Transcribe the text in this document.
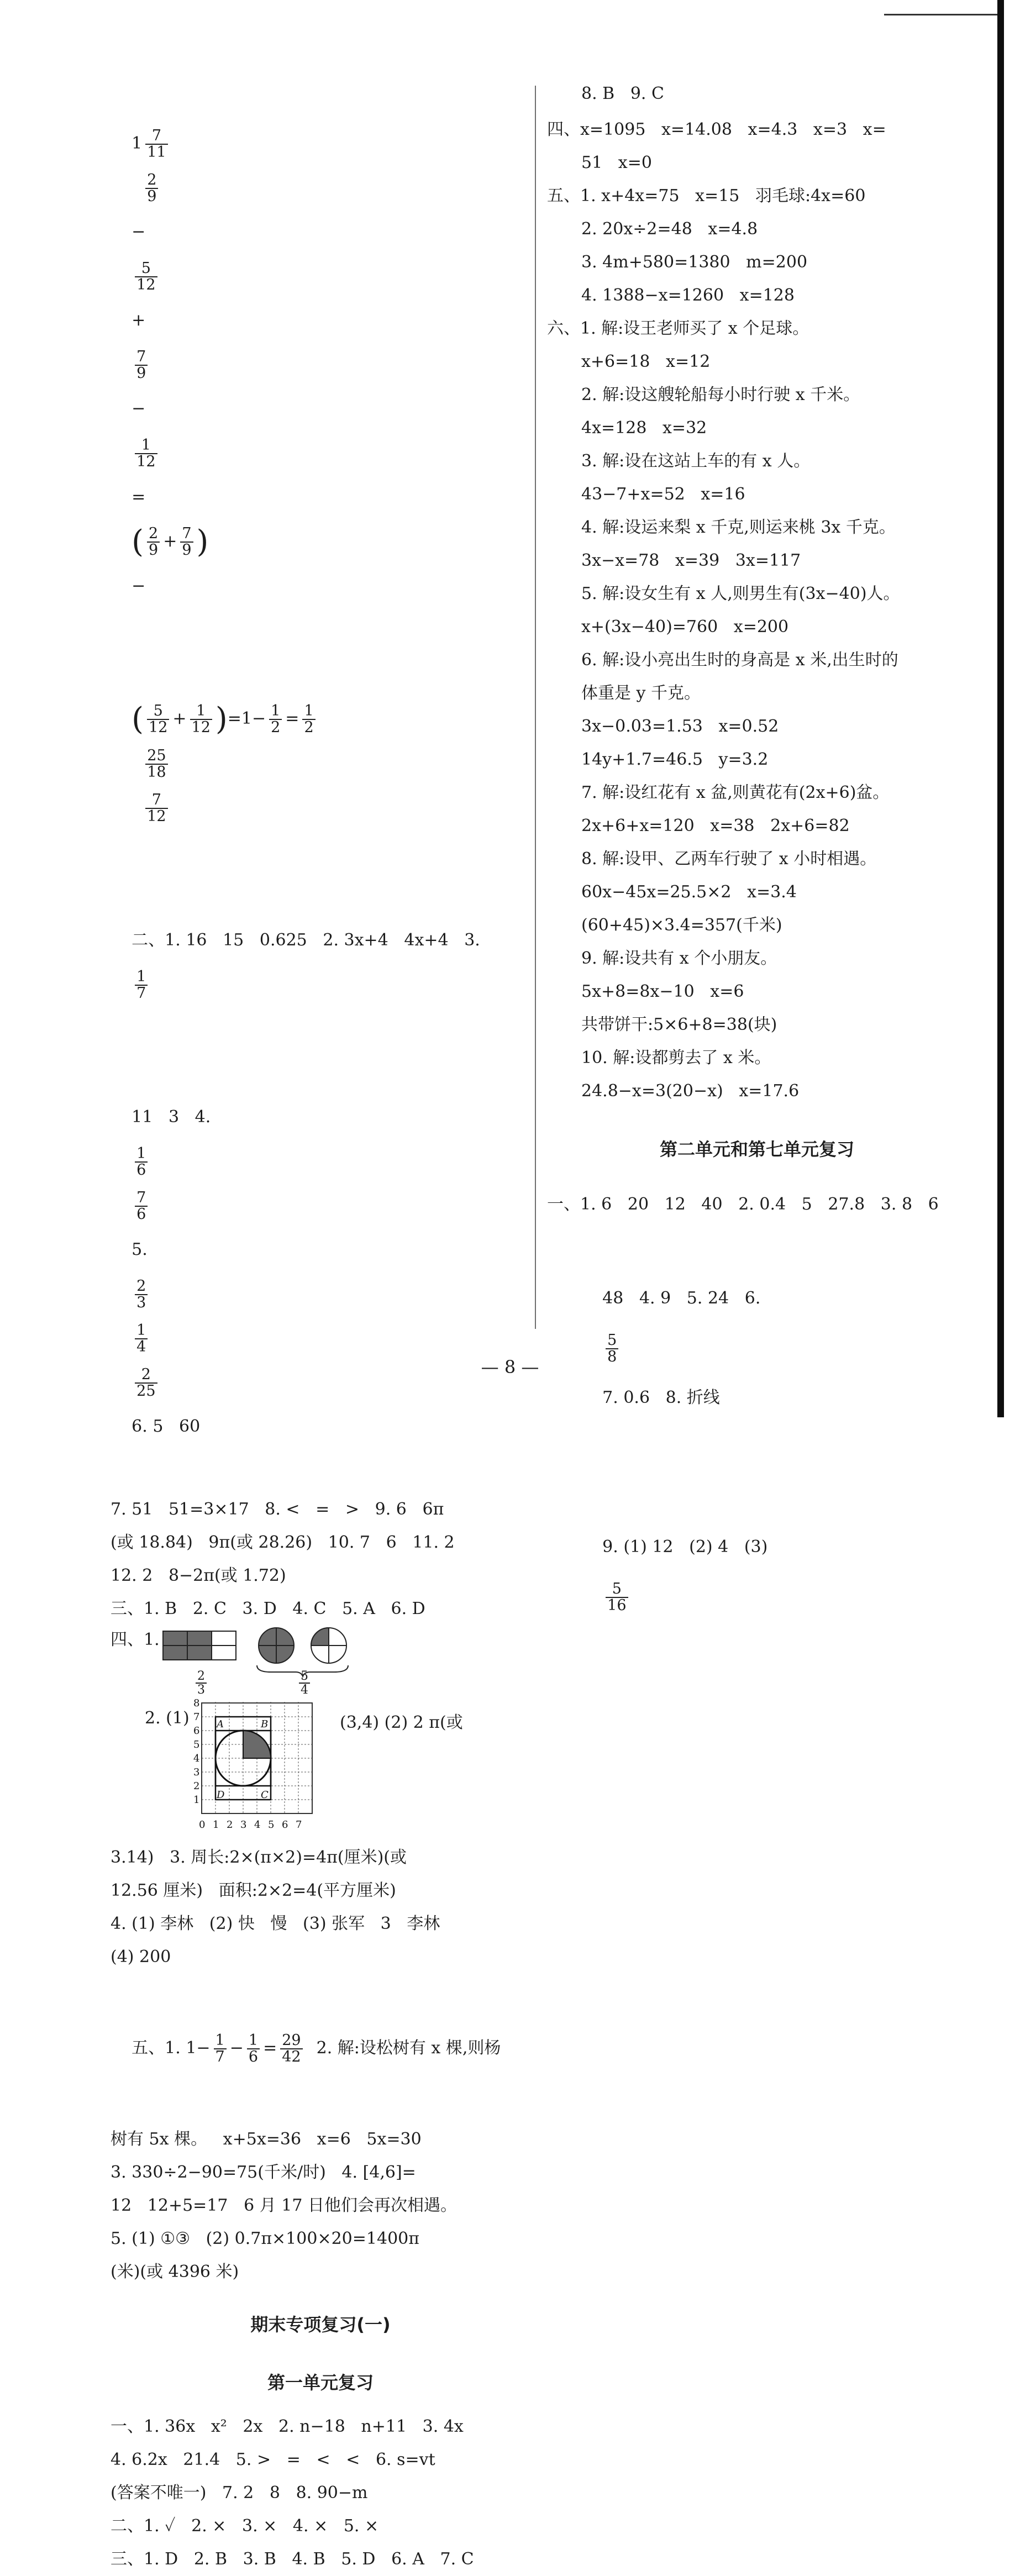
$1 \frac{7}{11}$

$\frac{2}{9}$

−

$\frac{5}{12}$

+

$\frac{7}{9}$

−

$\frac{1}{12}$

=
( $\frac{2}{9} + \frac{7}{9}$ )
−

( $\frac{5}{12} + \frac{1}{12} )=1- \frac{1}{2} = \frac{1}{2}$

$\frac{25}{18}$

$\frac{7}{12}$

二、1. 16   15   0.625   2. 3x+4   4x+4   3.

$\frac{1}{7}$

11   3   4.

$\frac{1}{6}$

$\frac{7}{6}$

5.

$\frac{2}{3}$

$\frac{1}{4}$

$\frac{2}{25}$

6. 5   60

7. 51   51=3×17   8. <   =   >   9. 6   6π
(或 18.84)   9π(或 28.26)   10. 7   6   11. 2
12. 2   8−2π(或 1.72)
三、1. B   2. C   3. D   4. C   5. A   6. D
四、1.
$\frac{2}{3}$	$\frac{5}{4}$
2. (1)	(3,4) (2) 2 π(或
A	B
C
D
1
2
3
4
5
6
7
8
0 1 2 3 4 5 6 7
3.14)   3. 周长:2×(π×2)=4π(厘米)(或
12.56 厘米)   面积:2×2=4(平方厘米)
4. (1) 李林   (2) 快   慢   (3) 张军   3   李林
(4) 200

五、1. $1- \frac{1}{7} - \frac{1}{6} = \frac{29}{42} 2$. 解:设松树有 x 棵,则杨

树有 5x 棵。   x+5x=36   x=6   5x=30
3. 330÷2−90=75(千米/时)   4. [4,6]=
12   12+5=17   6 月 17 日他们会再次相遇。
5. (1) ①③   (2) 0.7π×100×20=1400π
(米)(或 4396 米)
期末专项复习(一)
第一单元复习
一、1. 36x   x²   2x   2. n−18   n+11   3. 4x
4. 6.2x   21.4   5. >   =   <   <   6. s=vt
(答案不唯一)   7. 2   8   8. 90−m
二、1. ✓   2. ×   3. ×   4. ×   5. ×
三、1. D   2. B   3. B   4. B   5. D   6. A   7. C
8. B   9. C
四、x=1095   x=14.08   x=4.3   x=3   x=
51   x=0
五、1. x+4x=75   x=15   羽毛球:4x=60
2. 20x÷2=48   x=4.8
3. 4m+580=1380   m=200
4. 1388−x=1260   x=128
六、1. 解:设王老师买了 x 个足球。
x+6=18   x=12
2. 解:设这艘轮船每小时行驶 x 千米。
4x=128   x=32
3. 解:设在这站上车的有 x 人。
43−7+x=52   x=16
4. 解:设运来梨 x 千克,则运来桃 3x 千克。
3x−x=78   x=39   3x=117
5. 解:设女生有 x 人,则男生有(3x−40)人。
x+(3x−40)=760   x=200
6. 解:设小亮出生时的身高是 x 米,出生时的
体重是 y 千克。
3x−0.03=1.53   x=0.52
14y+1.7=46.5   y=3.2
7. 解:设红花有 x 盆,则黄花有(2x+6)盆。
2x+6+x=120   x=38   2x+6=82
8. 解:设甲、乙两车行驶了 x 小时相遇。
60x−45x=25.5×2   x=3.4
(60+45)×3.4=357(千米)
9. 解:设共有 x 个小朋友。
5x+8=8x−10   x=6
共带饼干:5×6+8=38(块)
10. 解:设都剪去了 x 米。
24.8−x=3(20−x)   x=17.6
第二单元和第七单元复习
一、1. 6   20   12   40   2. 0.4   5   27.8   3. 8   6

48   4. 9   5. 24   6.

$\frac{5}{8}$

7. 0.6   8. 折线

9. (1) 12   (2) 4   (3)

$\frac{5}{16}$

— 8 —
